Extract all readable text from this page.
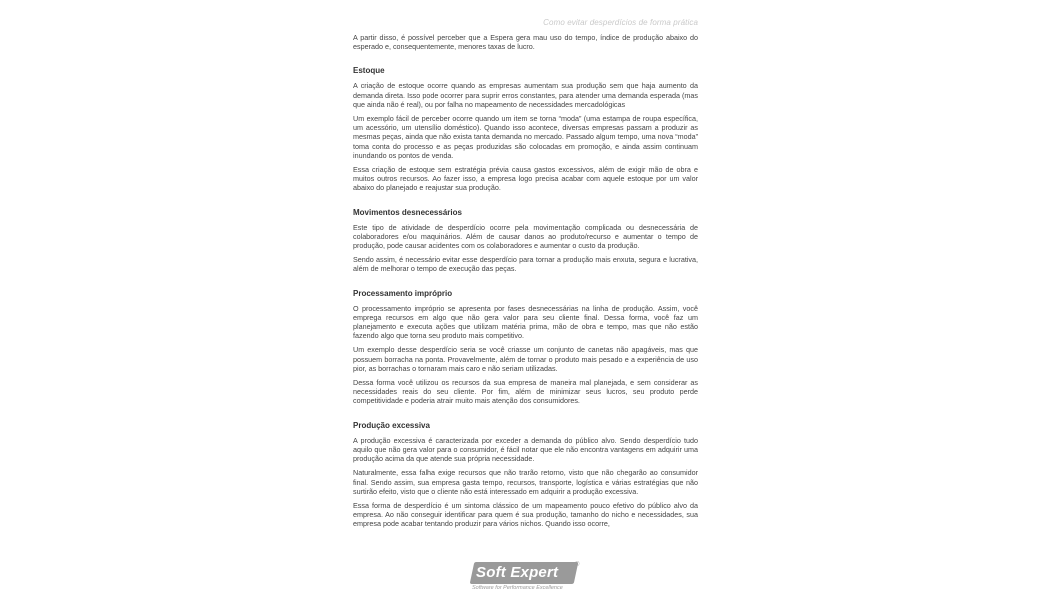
Como evitar desperdícios de forma prática

A partir disso, é possível perceber que a Espera gera mau uso do tempo, índice de produção abaixo do esperado e, consequentemente, menores taxas de lucro.

Estoque

A criação de estoque ocorre quando as empresas aumentam sua produção sem que haja aumento da demanda direta. Isso pode ocorrer para suprir erros constantes, para atender uma demanda esperada (mas que ainda não é real), ou por falha no mapeamento de necessidades mercadológicas

Um exemplo fácil de perceber ocorre quando um item se torna “moda” (uma estampa de roupa específica, um acessório, um utensílio doméstico). Quando isso acontece, diversas empresas passam a produzir as mesmas peças, ainda que não exista tanta demanda no mercado. Passado algum tempo, uma nova “moda” toma conta do processo e as peças produzidas são colocadas em promoção, e ainda assim continuam inundando os pontos de venda.

Essa criação de estoque sem estratégia prévia causa gastos excessivos, além de exigir mão de obra e muitos outros recursos. Ao fazer isso, a empresa logo precisa acabar com aquele estoque por um valor abaixo do planejado e reajustar sua produção.

Movimentos desnecessários

Este tipo de atividade de desperdício ocorre pela movimentação complicada ou desnecessária de colaboradores e/ou maquinários. Além de causar danos ao produto/recurso e aumentar o tempo de produção, pode causar acidentes com os colaboradores e aumentar o custo da produção.

Sendo assim, é necessário evitar esse desperdício para tornar a produção mais enxuta, segura e lucrativa, além de melhorar o tempo de execução das peças.

Processamento impróprio

O processamento impróprio se apresenta por fases desnecessárias na linha de produção. Assim, você emprega recursos em algo que não gera valor para seu cliente final. Dessa forma, você faz um planejamento e executa ações que utilizam matéria prima, mão de obra e tempo, mas que não estão fazendo algo que torna seu produto mais competitivo.

Um exemplo desse desperdício seria se você criasse um conjunto de canetas não apagáveis, mas que possuem borracha na ponta. Provavelmente, além de tornar o produto mais pesado e a experiência de uso pior, as borrachas o tornaram mais caro e não seriam utilizadas.

Dessa forma você utilizou os recursos da sua empresa de maneira mal planejada, e sem considerar as necessidades reais do seu cliente. Por fim, além de minimizar seus lucros, seu produto perde competitividade e poderia atrair muito mais atenção dos consumidores.

Produção excessiva

A produção excessiva é caracterizada por exceder a demanda do público alvo. Sendo desperdício tudo aquilo que não gera valor para o consumidor, é fácil notar que ele não encontra vantagens em adquirir uma produção acima da que atende sua própria necessidade.

Naturalmente, essa falha exige recursos que não trarão retorno, visto que não chegarão ao consumidor final. Sendo assim, sua empresa gasta tempo, recursos, transporte, logística e várias estratégias que não surtirão efeito, visto que o cliente não está interessado em adquirir a produção excessiva.

Essa forma de desperdício é um sintoma clássico de um mapeamento pouco efetivo do público alvo da empresa. Ao não conseguir identificar para quem é sua produção, tamanho do nicho e necessidades, sua empresa pode acabar tentando produzir para vários nichos. Quando isso ocorre,

Soft Expert	®
Software for Performance Excellence
